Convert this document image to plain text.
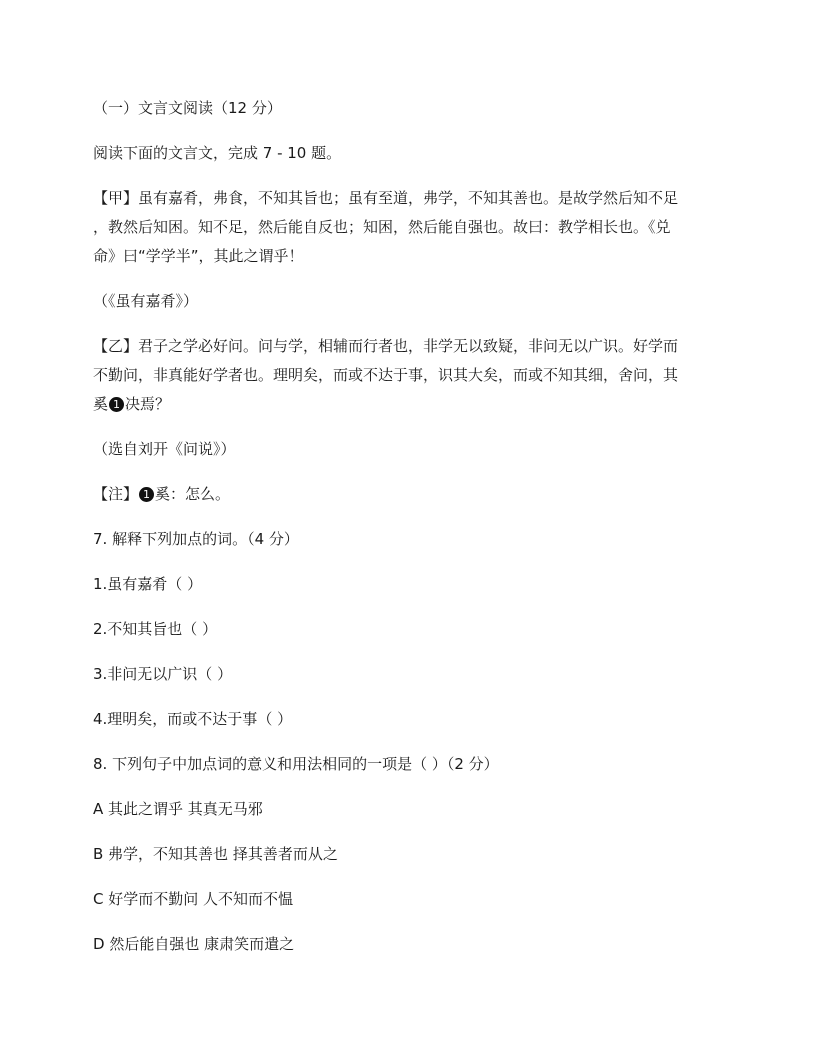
（一）文言文阅读（12 分）

阅读下面的文言文，完成 7 - 10 题。

【甲】虽有嘉肴，弗食，不知其旨也；虽有至道，弗学，不知其善也。是故学然后知不足

，教然后知困。知不足，然后能自反也；知困，然后能自强也。故曰：教学相长也。《兑

命》曰“学学半”，其此之谓乎！

（《虽有嘉肴》）

【乙】君子之学必好问。问与学，相辅而行者也，非学无以致疑，非问无以广识。好学而

不勤问，非真能好学者也。理明矣，而或不达于事，识其大矣，而或不知其细，舍问，其

奚 1 决焉？

（选自刘开《问说》）

【注】 1 奚：怎么。

7. 解释下列加点的词。（4 分）

1.虽有嘉肴（ ）

2.不知其旨也（ ）

3.非问无以广识（ ）

4.理明矣，而或不达于事（ ）

8. 下列句子中加点词的意义和用法相同的一项是（ ）（2 分）

A 其此之谓乎 其真无马邪

B 弗学，不知其善也 择其善者而从之

C 好学而不勤问 人不知而不愠

D 然后能自强也 康肃笑而遣之
